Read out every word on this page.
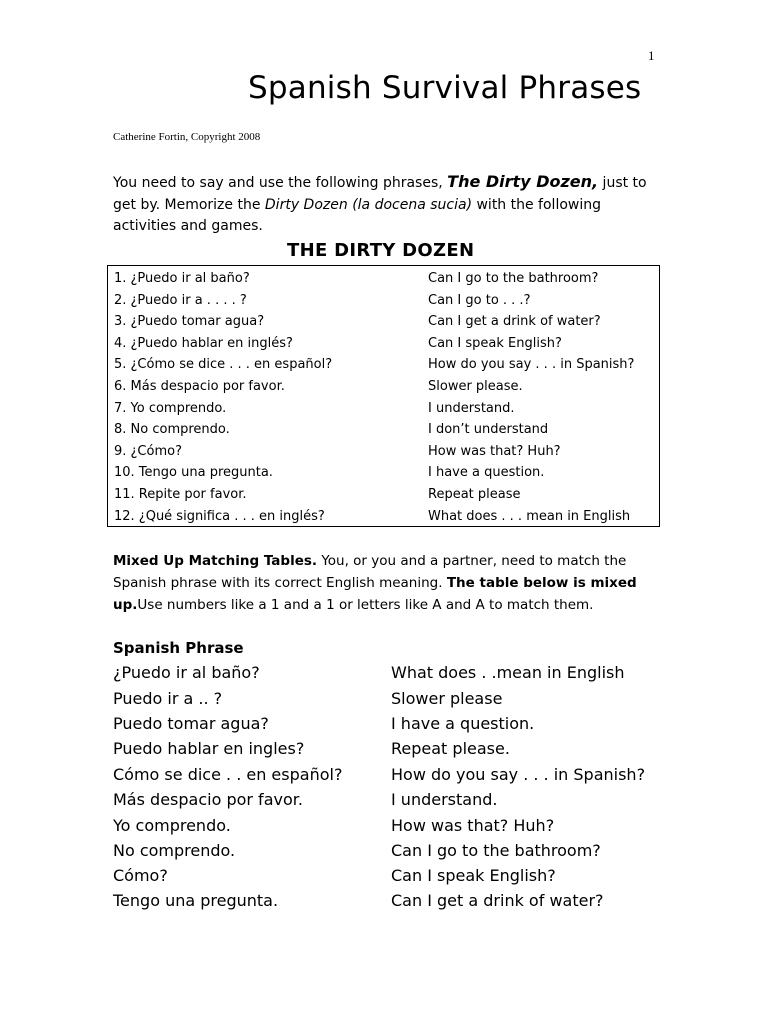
1
Spanish Survival Phrases
Catherine Fortin, Copyright 2008
You need to say and use the following phrases, The Dirty Dozen, just to get by. Memorize the Dirty Dozen (la docena sucia) with the following activities and games.
THE DIRTY DOZEN
1. ¿Puedo ir al baño?	Can I go to the bathroom?
2. ¿Puedo ir a . . . . ?	Can I go to . . .?
3. ¿Puedo tomar agua?	Can I get a drink of water?
4. ¿Puedo hablar en inglés?	Can I speak English?
5. ¿Cómo se dice . . . en español?	How do you say . . . in Spanish?
6. Más despacio por favor.	Slower please.
7. Yo comprendo.	I understand.
8. No comprendo.	I don’t understand
9. ¿Cómo?	How was that? Huh?
10. Tengo una pregunta.	I have a question.
11. Repite por favor.	Repeat please
12. ¿Qué significa . . . en inglés?	What does . . . mean in English
Mixed Up Matching Tables. You, or you and a partner, need to match the Spanish phrase with its correct English meaning. The table below is mixed up.Use numbers like a 1 and a 1 or letters like A and A to match them.
Spanish Phrase
¿Puedo ir al baño?	What does . .mean in English
Puedo ir a .. ?	Slower please
Puedo tomar agua?	I have a question.
Puedo hablar en ingles?	Repeat please.
Cómo se dice . . en español?	How do you say . . . in Spanish?
Más despacio por favor.	I understand.
Yo comprendo.	How was that? Huh?
No comprendo.	Can I go to the bathroom?
Cómo?	Can I speak English?
Tengo una pregunta.	Can I get a drink of water?
